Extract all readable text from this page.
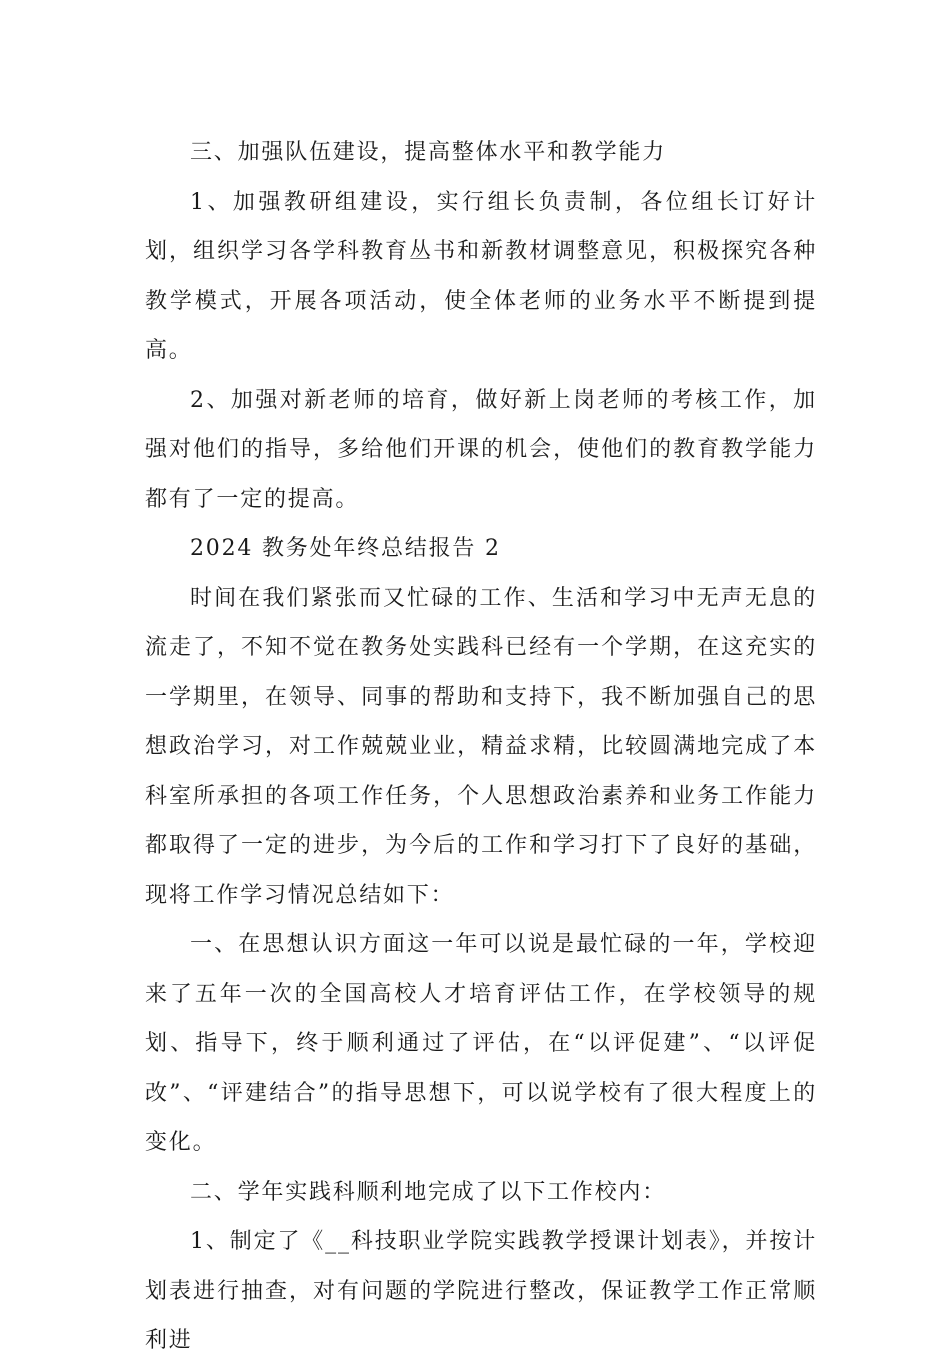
三、加强队伍建设，提高整体水平和教学能力

1、加强教研组建设，实行组长负责制，各位组长订好计划，组织学习各学科教育丛书和新教材调整意见，积极探究各种教学模式，开展各项活动，使全体老师的业务水平不断提到提高。

2、加强对新老师的培育，做好新上岗老师的考核工作，加强对他们的指导，多给他们开课的机会，使他们的教育教学能力都有了一定的提高。

2024 教务处年终总结报告 2

时间在我们紧张而又忙碌的工作、生活和学习中无声无息的流走了，不知不觉在教务处实践科已经有一个学期，在这充实的一学期里，在领导、同事的帮助和支持下，我不断加强自己的思想政治学习，对工作兢兢业业，精益求精，比较圆满地完成了本科室所承担的各项工作任务，个人思想政治素养和业务工作能力都取得了一定的进步，为今后的工作和学习打下了良好的基础，现将工作学习情况总结如下：

一、在思想认识方面这一年可以说是最忙碌的一年，学校迎来了五年一次的全国高校人才培育评估工作，在学校领导的规划、指导下，终于顺利通过了评估，在“以评促建”、“以评促改”、“评建结合”的指导思想下，可以说学校有了很大程度上的变化。

二、学年实践科顺利地完成了以下工作校内：

1、制定了《__科技职业学院实践教学授课计划表》，并按计划表进行抽查，对有问题的学院进行整改，保证教学工作正常顺利进
